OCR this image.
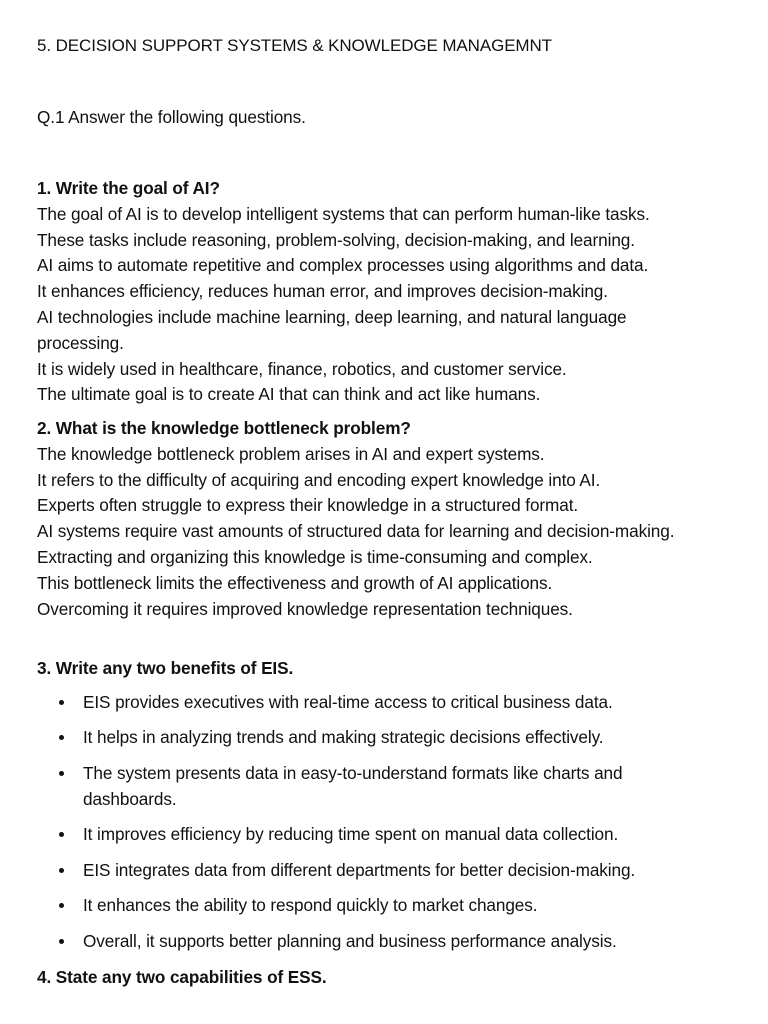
5. DECISION SUPPORT SYSTEMS & KNOWLEDGE MANAGEMNT
Q.1 Answer the following questions.
1. Write the goal of AI?

The goal of AI is to develop intelligent systems that can perform human-like tasks.

These tasks include reasoning, problem-solving, decision-making, and learning.

AI aims to automate repetitive and complex processes using algorithms and data.

It enhances efficiency, reduces human error, and improves decision-making.

AI technologies include machine learning, deep learning, and natural language processing.

It is widely used in healthcare, finance, robotics, and customer service.

The ultimate goal is to create AI that can think and act like humans.

2. What is the knowledge bottleneck problem?

The knowledge bottleneck problem arises in AI and expert systems.

It refers to the difficulty of acquiring and encoding expert knowledge into AI.

Experts often struggle to express their knowledge in a structured format.

AI systems require vast amounts of structured data for learning and decision-making.

Extracting and organizing this knowledge is time-consuming and complex.

This bottleneck limits the effectiveness and growth of AI applications.

Overcoming it requires improved knowledge representation techniques.

3. Write any two benefits of EIS.
EIS provides executives with real-time access to critical business data.
It helps in analyzing trends and making strategic decisions effectively.
The system presents data in easy-to-understand formats like charts and dashboards.
It improves efficiency by reducing time spent on manual data collection.
EIS integrates data from different departments for better decision-making.
It enhances the ability to respond quickly to market changes.
Overall, it supports better planning and business performance analysis.
4. State any two capabilities of ESS.
